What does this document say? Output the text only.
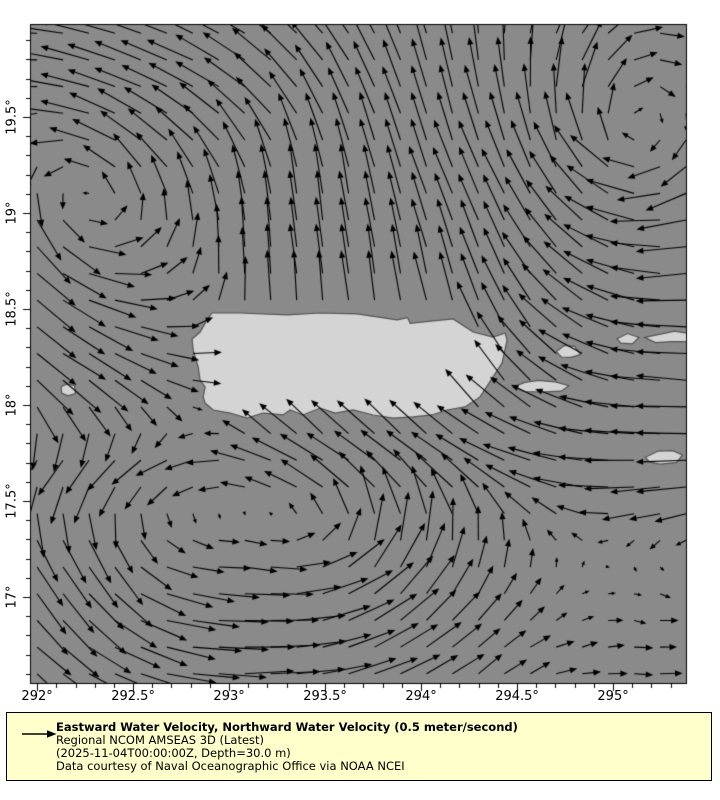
292°	292.5°	293°	293.5°	294°	294.5°	295°
17°
17.5°
18°
18.5°
19°
19.5°
Eastward Water Velocity, Northward Water Velocity (0.5 meter/second)
Regional NCOM AMSEAS 3D (Latest)
(2025-11-04T00:00:00Z, Depth=30.0 m)
Data courtesy of Naval Oceanographic Office via NOAA NCEI
